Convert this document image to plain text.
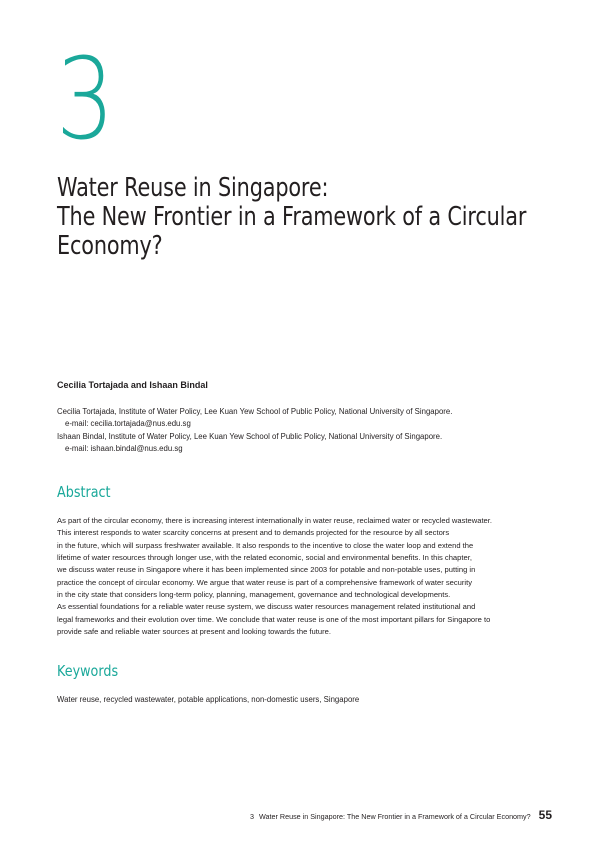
3
Water Reuse in Singapore:
The New Frontier in a Framework of a Circular
Economy?
Cecilia Tortajada and Ishaan Bindal
Cecilia Tortajada, Institute of Water Policy, Lee Kuan Yew School of Public Policy, National University of Singapore.
e-mail: cecilia.tortajada@nus.edu.sg
Ishaan Bindal, Institute of Water Policy, Lee Kuan Yew School of Public Policy, National University of Singapore.
e-mail: ishaan.bindal@nus.edu.sg
Abstract
As part of the circular economy, there is increasing interest internationally in water reuse, reclaimed water or recycled wastewater.
This interest responds to water scarcity concerns at present and to demands projected for the resource by all sectors
in the future, which will surpass freshwater available. It also responds to the incentive to close the water loop and extend the
lifetime of water resources through longer use, with the related economic, social and environmental benefits. In this chapter,
we discuss water reuse in Singapore where it has been implemented since 2003 for potable and non-potable uses, putting in
practice the concept of circular economy. We argue that water reuse is part of a comprehensive framework of water security
in the city state that considers long-term policy, planning, management, governance and technological developments.
As essential foundations for a reliable water reuse system, we discuss water resources management related institutional and
legal frameworks and their evolution over time. We conclude that water reuse is one of the most important pillars for Singapore to
provide safe and reliable water sources at present and looking towards the future.
Keywords
Water reuse, recycled wastewater, potable applications, non-domestic users, Singapore
3 Water Reuse in Singapore: The New Frontier in a Framework of a Circular Economy? 55
